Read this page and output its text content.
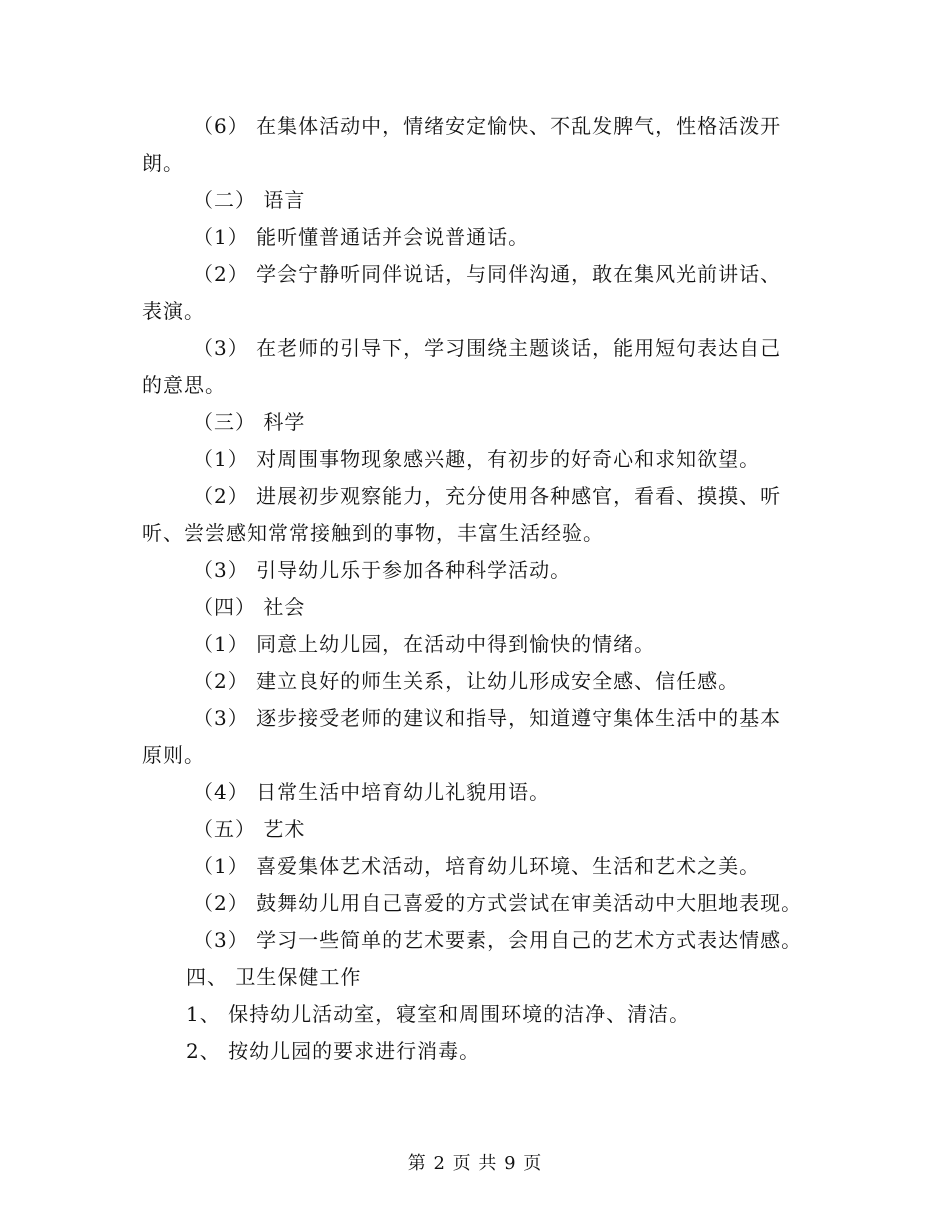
（6） 在集体活动中，情绪安定愉快、不乱发脾气，性格活泼开
朗。
（二） 语言
（1） 能听懂普通话并会说普通话。
（2） 学会宁静听同伴说话，与同伴沟通，敢在集风光前讲话、
表演。
（3） 在老师的引导下，学习围绕主题谈话，能用短句表达自己
的意思。
（三） 科学
（1） 对周围事物现象感兴趣，有初步的好奇心和求知欲望。
（2） 进展初步观察能力，充分使用各种感官，看看、摸摸、听
听、尝尝感知常常接触到的事物，丰富生活经验。
（3） 引导幼儿乐于参加各种科学活动。
（四） 社会
（1） 同意上幼儿园，在活动中得到愉快的情绪。
（2） 建立良好的师生关系，让幼儿形成安全感、信任感。
（3） 逐步接受老师的建议和指导，知道遵守集体生活中的基本
原则。
（4） 日常生活中培育幼儿礼貌用语。
（五） 艺术
（1） 喜爱集体艺术活动，培育幼儿环境、生活和艺术之美。
（2） 鼓舞幼儿用自己喜爱的方式尝试在审美活动中大胆地表现。
（3） 学习一些简单的艺术要素，会用自己的艺术方式表达情感。
四、 卫生保健工作
1、 保持幼儿活动室，寝室和周围环境的洁净、清洁。
2、 按幼儿园的要求进行消毒。
第 2 页 共 9 页
